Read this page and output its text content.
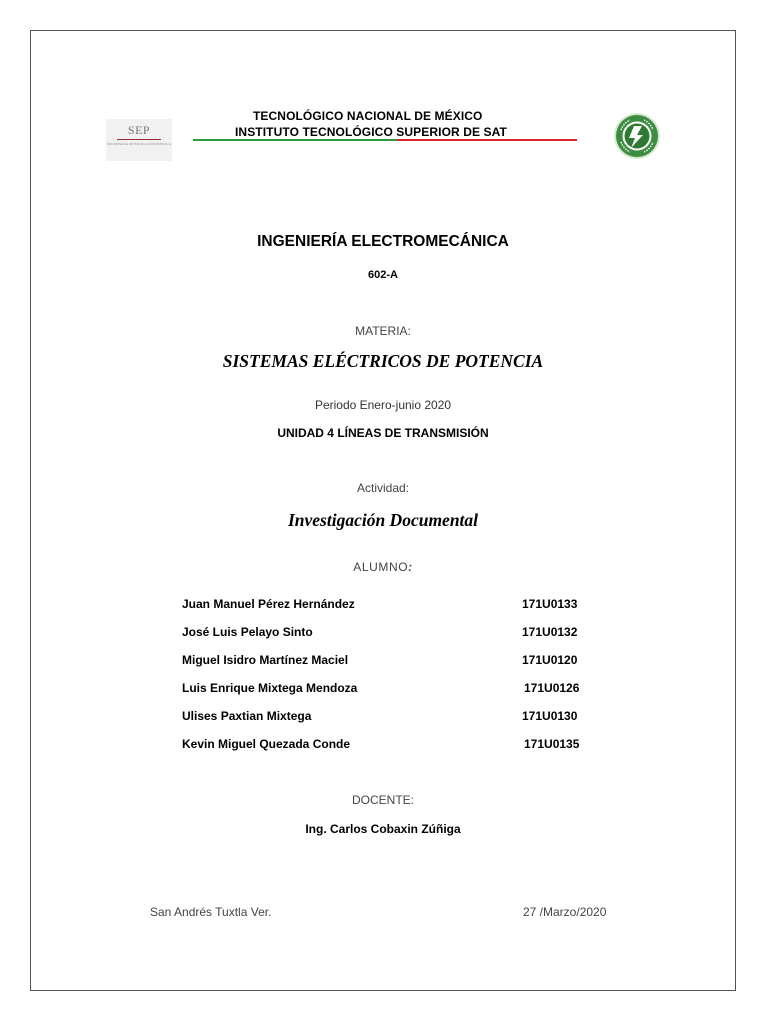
SEP
SECRETARÍA DE EDUCACIÓN PÚBLICA
TECNOLÓGICO NACIONAL DE MÉXICO
INSTITUTO TECNOLÓGICO SUPERIOR DE SAT
INGENIERÍA ELECTROMECÁNICA
602-A
MATERIA:
SISTEMAS ELÉCTRICOS DE POTENCIA
Periodo Enero-junio 2020
UNIDAD 4 LÍNEAS DE TRANSMISIÓN
Actividad:
Investigación Documental
ALUMNO:
Juan Manuel Pérez Hernández	171U0133
José Luis Pelayo Sinto	171U0132
Miguel Isidro Martínez Maciel	171U0120
Luis Enrique Mixtega Mendoza	171U0126
Ulises Paxtian Mixtega	171U0130
Kevin Miguel Quezada Conde	171U0135
DOCENTE:
Ing. Carlos Cobaxin Zúñiga
San Andrés Tuxtla Ver.	27 /Marzo/2020
